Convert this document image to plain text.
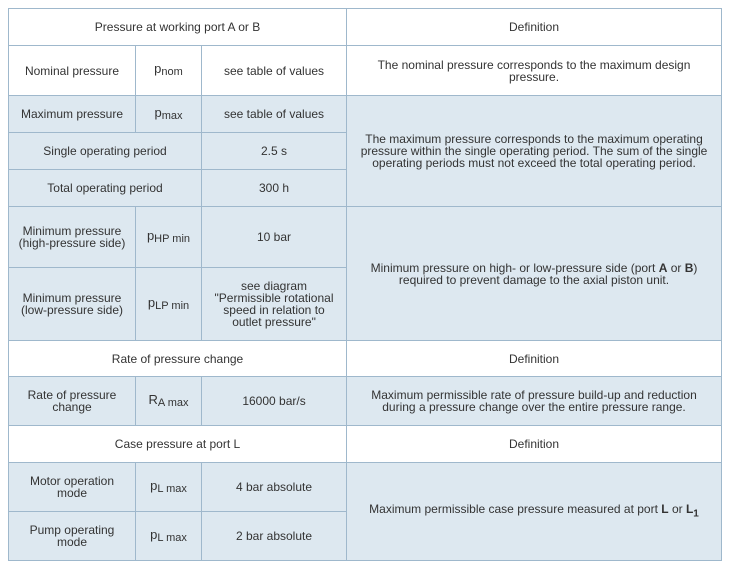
Pressure at working port A or B			Definition
Nominal pressure	$p_{nom}$	see table of values	The nominal pressure corresponds to the maximum design pressure.
Maximum pressure	$p_{max}$	see table of values	The maximum pressure corresponds to the maximum operating pressure within the single operating period. The sum of the single operating periods must not exceed the total operating period.
Single operating period		2.5 s	
Total operating period		300 h	
Minimum pressure (high-pressure side)	$p_{HP min}$	10 bar	Minimum pressure on high- or low-pressure side (port A or B) required to prevent damage to the axial piston unit.
Minimum pressure (low-pressure side)	$p_{LP min}$	see diagram "Permissible rotational speed in relation to outlet pressure"	
Rate of pressure change			Definition
Rate of pressure change	$R_{A max}$	16000 bar/s	Maximum permissible rate of pressure build-up and reduction during a pressure change over the entire pressure range.
Case pressure at port L			Definition
Motor operation mode	$p_{L max}$	4 bar absolute	Maximum permissible case pressure measured at port L or $L_1$
Pump operating mode	$p_{L max}$	2 bar absolute	
